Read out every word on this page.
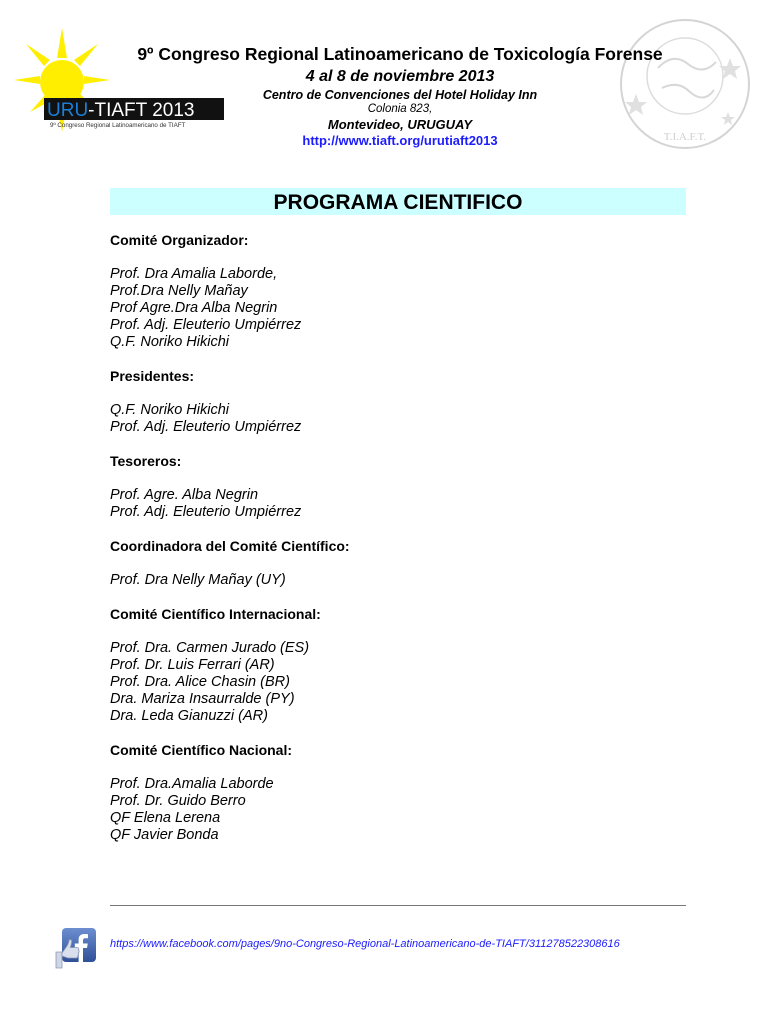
URU-TIAFT 2013
9º Congreso Regional Latinoamericano de TIAFT
T.I.A.F.T.
9º Congreso Regional Latinoamericano de Toxicología Forense
4 al 8 de noviembre 2013
Centro de Convenciones del Hotel Holiday Inn
Colonia 823,
Montevideo, URUGUAY
http://www.tiaft.org/urutiaft2013
PROGRAMA CIENTIFICO
Comité Organizador:
Prof. Dra Amalia Laborde,
Prof.Dra Nelly Mañay
Prof Agre.Dra Alba Negrin
Prof. Adj. Eleuterio Umpiérrez
Q.F. Noriko Hikichi
Presidentes:
Q.F. Noriko Hikichi
Prof. Adj. Eleuterio Umpiérrez
Tesoreros:
Prof. Agre. Alba Negrin
Prof. Adj. Eleuterio Umpiérrez
Coordinadora del Comité Científico:
Prof. Dra Nelly Mañay (UY)
Comité Científico Internacional:
Prof. Dra. Carmen Jurado (ES)
Prof. Dr. Luis Ferrari (AR)
Prof. Dra. Alice Chasin (BR)
Dra. Mariza Insaurralde (PY)
Dra. Leda Gianuzzi (AR)
Comité Científico Nacional:
Prof. Dra.Amalia Laborde
Prof. Dr. Guido Berro
QF Elena Lerena
QF Javier Bonda
https://www.facebook.com/pages/9no-Congreso-Regional-Latinoamericano-de-TIAFT/311278522308616
